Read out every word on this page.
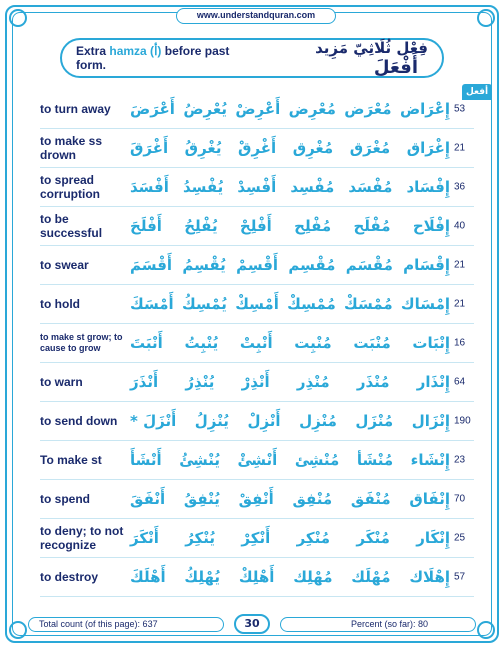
www.understandquran.com
Extra hamza (أ) before past form.
فِعْل ثُلَاثِيّ مَزِيد أَفْعَلَ
أفعل
to turn away	أَعْرَضَ يُعْرِضُ أَعْرِضْ مُعْرِض مُعْرَض إِعْرَاض 53
to make ss drown	أَغْرَقَ يُغْرِقُ أَغْرِقْ مُغْرِق مُغْرَق إِغْرَاق 21
to spread corruption	أَفْسَدَ يُفْسِدُ أَفْسِدْ مُفْسِد مُفْسَد إِفْسَاد 36
to be successful	أَفْلَحَ يُفْلِحُ أَفْلِحْ مُفْلِح مُفْلَح إِفْلَاح 40
to swear	أَقْسَمَ يُقْسِمُ أَقْسِمْ مُقْسِم مُقْسَم إِقْسَام 21
to hold	أَمْسَكَ يُمْسِكُ أَمْسِكْ مُمْسِكْ مُمْسَكْ إِمْسَاك 21
to make st grow; to cause to grow	أَنْبَتَ يُنْبِتُ أَنْبِتْ مُنْبِت مُنْبَت إِنْبَات 16
to warn	أَنْذَرَ يُنْذِرُ أَنْذِرْ مُنْذِر مُنْذَر إِنْذَار 64
to send down أَنْزَلَ * يُنْزِلُ أَنْزِلْ مُنْزِل مُنْزَل إِنْزَال 190
To make st	أَنْشَأَ يُنْشِئُ أَنْشِئْ مُنْشِئ مُنْشَأ إِنْشَاء 23
to spend	أَنْفَقَ يُنْفِقُ أَنْفِقْ مُنْفِق مُنْفَق إِنْفَاق 70
to deny; to not recognize	أَنْكَرَ يُنْكِرُ أَنْكِرْ مُنْكِر مُنْكَر إِنْكَار 25
to destroy	أَهْلَكَ يُهْلِكُ أَهْلِكْ مُهْلِك مُهْلَك إِهْلَاك 57
Total count (of this page): 637	30	Percent (so far): 80
